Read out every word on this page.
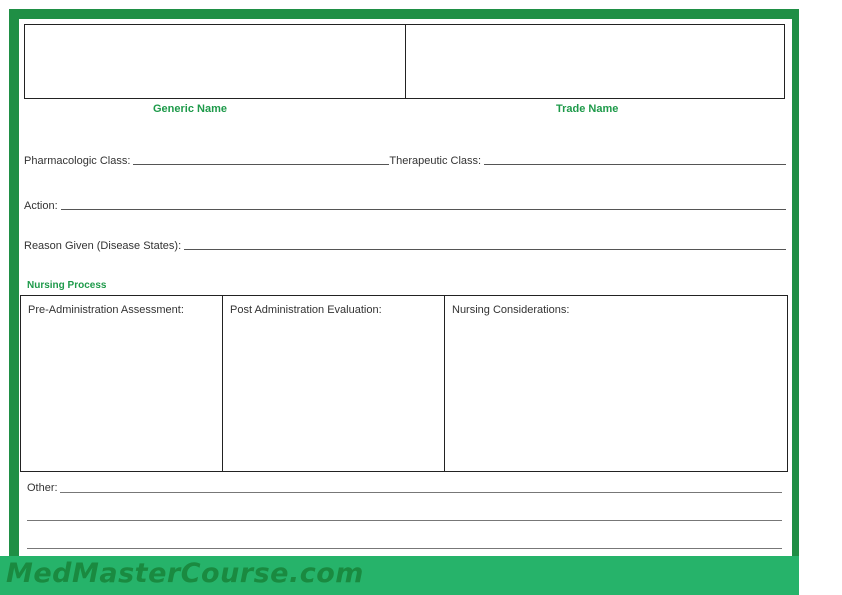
Generic Name	Trade Name
Pharmacologic Class:	Therapeutic Class:
Action:
Reason Given (Disease States):
Nursing Process
Pre-Administration Assessment:	Post Administration Evaluation:	Nursing Considerations:
Other:
MedMasterCourse.com
